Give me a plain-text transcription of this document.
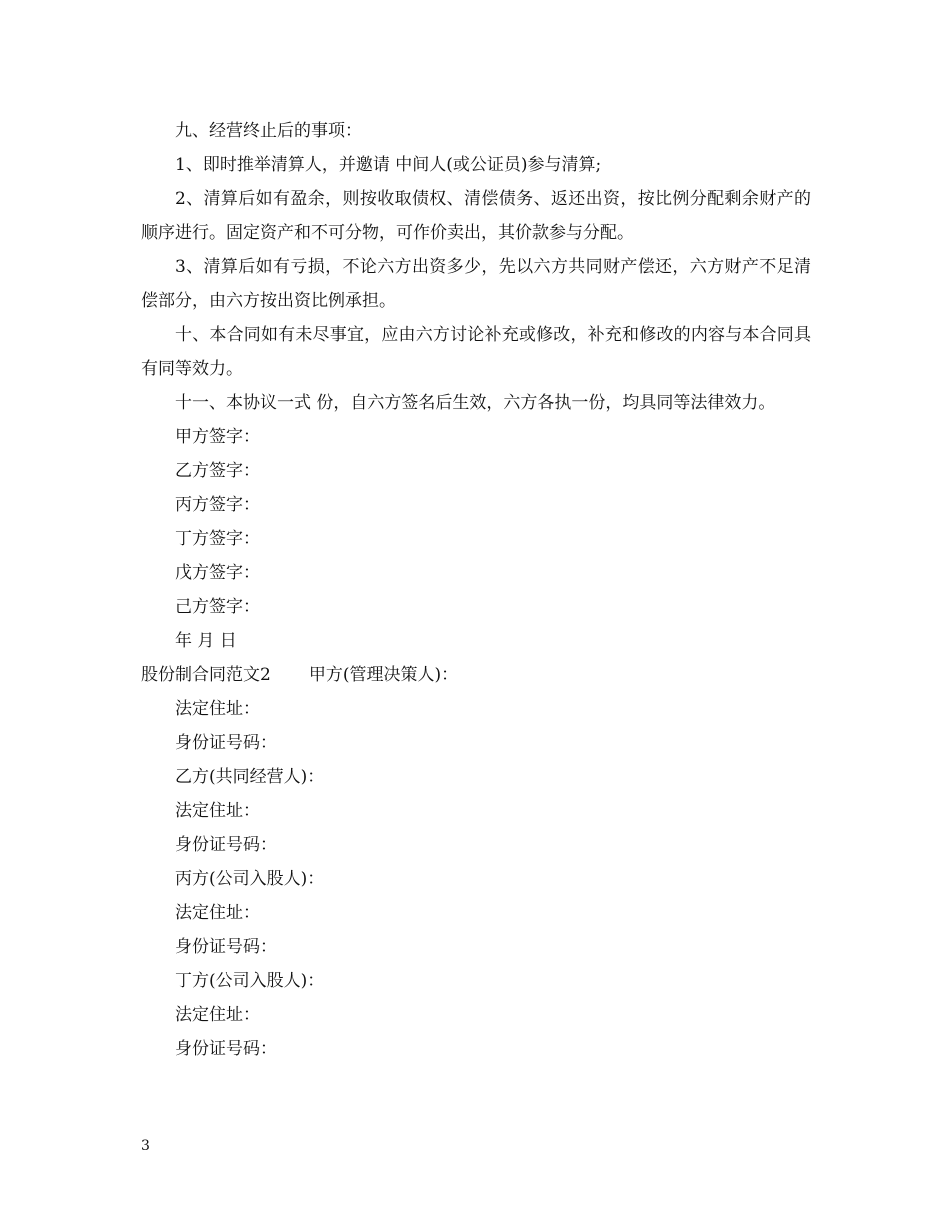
九、经营终止后的事项：

1、即时推举清算人，并邀请 中间人(或公证员)参与清算;

2、清算后如有盈余，则按收取债权、清偿债务、返还出资，按比例分配剩余财产的顺序进行。固定资产和不可分物，可作价卖出，其价款参与分配。

3、清算后如有亏损，不论六方出资多少，先以六方共同财产偿还，六方财产不足清偿部分，由六方按出资比例承担。

十、本合同如有未尽事宜，应由六方讨论补充或修改，补充和修改的内容与本合同具有同等效力。

十一、本协议一式 份，自六方签名后生效，六方各执一份，均具同等法律效力。

甲方签字：
乙方签字：
丙方签字：
丁方签字：
戊方签字：
己方签字：
年 月 日
股份制合同范文2 甲方(管理决策人)：
法定住址：
身份证号码：
乙方(共同经营人)：
法定住址：
身份证号码：
丙方(公司入股人)：
法定住址：
身份证号码：
丁方(公司入股人)：
法定住址：
身份证号码：
3
